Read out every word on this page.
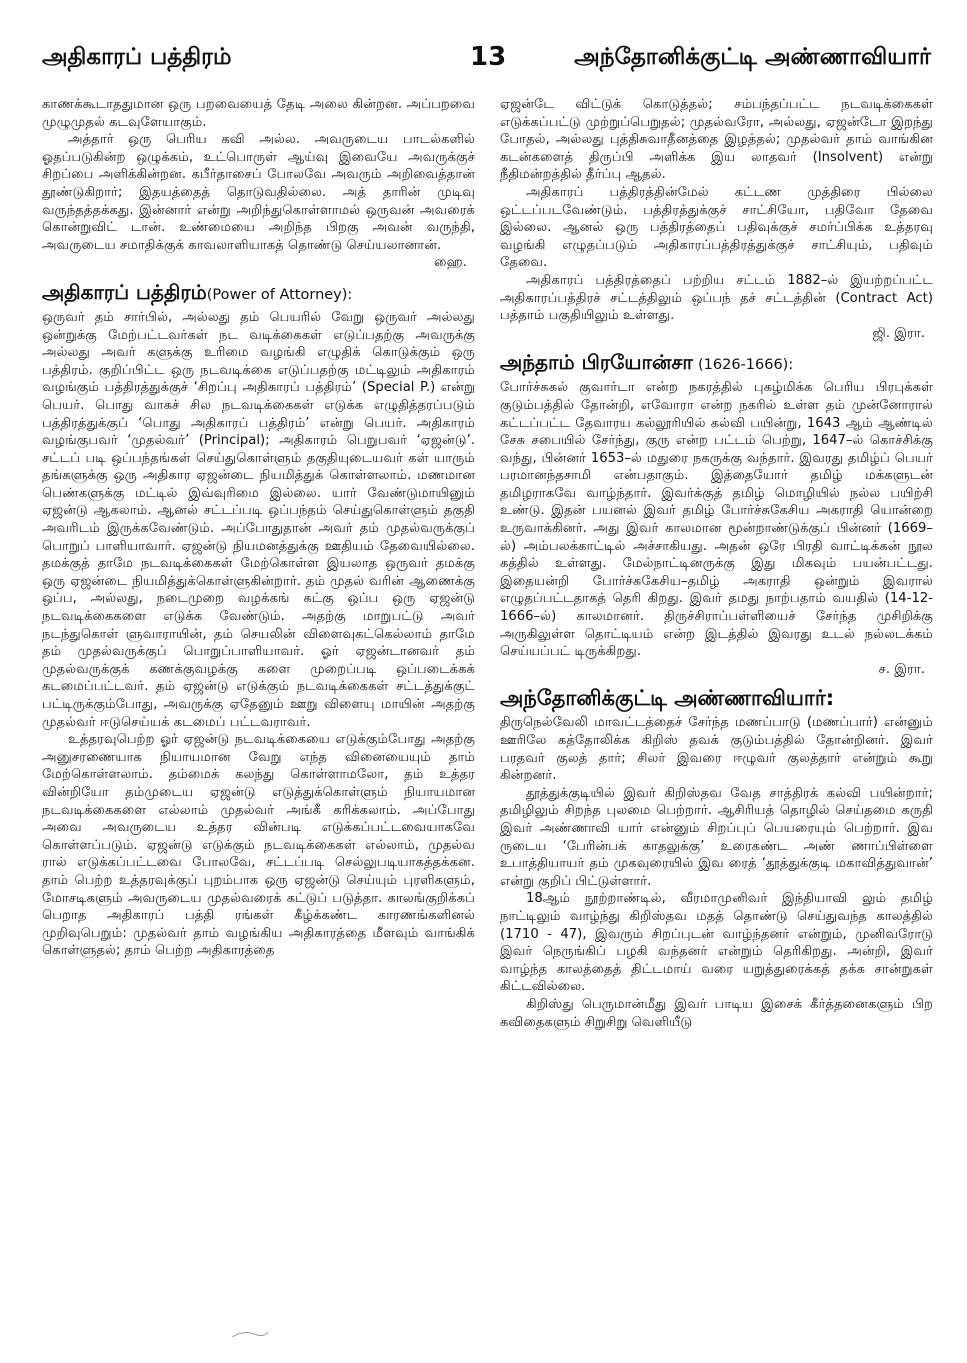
அதிகாரப் பத்திரம்	13	அந்தோனிக்குட்டி அண்ணாவியார்

காணக்கூடாததுமான ஒரு பறவையைத் தேடி அலை கின்றன. அப்பறவை முழுமுதல் கடவுளேயாகும்.

அத்தார் ஒரு பெரிய கவி அல்ல. அவருடைய பாடல்களில் ஓதப்படுகின்ற ஒழுக்கம், உட்பொருள் ஆய்வு இவையே அவருக்குச் சிறப்பை அளிக்கின்றன. கபீர்தாசைப் போலவே அவரும் அறிவைத்தான் தூண்டுகிறார்; இதயத்தைத் தொடுவதில்லை. அத் தாரின் முடிவு வருந்தத்தக்கது. இன்னார் என்று அறிந்துகொள்ளாமல் ஒருவன் அவரைக் கொன்றுவிட் டான். உண்மையை அறிந்த பிறகு அவன் வருந்தி, அவருடைய சமாதிக்குக் காவலாளியாகத் தொண்டு செய்யலானான்.

ஹை.
அதிகாரப் பத்திரம்(Power of Attorney):

ஒருவர் தம் சார்பில், அல்லது தம் பெயரில் வேறு ஒருவர் அல்லது ஒன்றுக்கு மேற்பட்டவர்கள் நட வடிக்கைகள் எடுப்பதற்கு அவருக்கு அல்லது அவர் களுக்கு உரிமை வழங்கி எழுதிக் கொடுக்கும் ஒரு பத்திரம். குறிப்பிட்ட ஒரு நடவடிக்கை எடுப்பதற்கு மட்டிலும் அதிகாரம் வழங்கும் பத்திரத்துக்குச் ‘சிறப்பு அதிகாரப் பத்திரம்’ (Special P.) என்று பெயர். பொது வாகச் சில நடவடிக்கைகள் எடுக்க எழுதித்தரப்படும் பத்திரத்துக்குப் ‘பொது அதிகாரப் பத்திரம்’ என்று பெயர். அதிகாரம் வழங்குபவர் ‘முதல்வர்’ (Principal); அதிகாரம் பெறுபவர் ‘ஏஜன்டு’. சட்டப் படி ஒப்பந்தங்கள் செய்துகொள்ளும் தகுதியுடையவர் கள் யாரும் தங்களுக்கு ஒரு அதிகார ஏஜன்டை நியமித்துக் கொள்ளலாம். மணமான பெண்களுக்கு மட்டில் இவ்வுரிமை இல்லை. யார் வேண்டுமாயினும் ஏஜன்டு ஆகலாம். ஆனல் சட்டப்படி ஒப்பந்தம் செய்துகொள்ளும் தகுதி அவரிடம் இருக்கவேண்டும். அப்போதுதான் அவர் தம் முதல்வருக்குப் பொறுப் பாளியாவார். ஏஜன்டு நியமனத்துக்கு ஊதியம் தேவையில்லை. தமக்குத் தாமே நடவடிக்கைகள் மேற்கொள்ள இயலாத ஒருவர் தமக்கு ஒரு ஏஜன்டை நியமித்துக்கொள்ளுகின்றார். தம் முதல் வரின் ஆணைக்கு ஒப்ப, அல்லது, நடைமுறை வழக்கங் கட்கு ஒப்ப ஒரு ஏஜன்டு நடவடிக்கைகளை எடுக்க வேண்டும். அதற்கு மாறுபட்டு அவர் நடந்துகொள் ளுவாராயின், தம் செயலின் விளைவுகட்கெல்லாம் தாமே தம் முதல்வருக்குப் பொறுப்பாளியாவர். ஓர் ஏஜன்டானவர் தம் முதல்வருக்குக் கணக்குவழக்கு களை முறைப்படி ஒப்படைக்கக் கடமைப்பட்டவர். தம் ஏஜன்டு எடுக்கும் நடவடிக்கைகள் சட்டத்துக்குட் பட்டிருக்கும்போது, அவருக்கு ஏதேனும் ஊறு விளையு மாயின் அதற்கு முதல்வர் ஈடுசெய்யக் கடமைப் பட்டவராவர்.

உத்தரவுபெற்ற ஓர் ஏஜன்டு நடவடிக்கையை எடுக்கும்போது அதற்கு அனுசரணையாக நியாயமான வேறு எந்த வினையையும் தாம் மேற்கொள்ளலாம். தம்மைக் கலந்து கொள்ளாமலோ, தம் உத்தர வின்றியோ தம்முடைய ஏஜன்டு எடுத்துக்கொள்ளும் நியாயமான நடவடிக்கைகளை எல்லாம் முதல்வர் அங்கீ கரிக்கலாம். அப்போது அவை அவருடைய உத்தர வின்படி எடுக்கப்பட்டவையாகவே கொள்ளப்படும். ஏஜன்டு எடுக்கும் நடவடிக்கைகள் எல்லாம், முதல்வ ரால் எடுக்கப்பட்டவை போலவே, சட்டப்படி செல்லுபடியாகத்தக்கன. தாம் பெற்ற உத்தரவுக்குப் புறம்பாக ஒரு ஏஜன்டு செய்யும் புரளிகளும், மோசடிகளும் அவருடைய முதல்வரைக் கட்டுப் படுத்தா. காலங்குறிக்கப் பெறாத அதிகாரப் பத்தி ரங்கள் கீழ்க்கண்ட காரணங்களினல் முறிவுபெறும்: முதல்வர் தாம் வழங்கிய அதிகாரத்தை மீளவும் வாங்கிக் கொள்ளுதல்; தாம் பெற்ற அதிகாரத்தை

ஏஜன்டே விட்டுக் கொடுத்தல்; சம்பந்தப்பட்ட நடவடிக்கைகள் எடுக்கப்பட்டு முற்றுப்பெறுதல்; முதல்வரோ, அல்லது, ஏஜன்டோ இறந்து போதல், அல்லது புத்திசுவாதீனத்தை இழத்தல்; முதல்வர் தாம் வாங்கின கடன்களைத் திருப்பி அளிக்க இய லாதவர் (Insolvent) என்று நீதிமன்றத்தில் தீர்ப்பு ஆதல்.

அதிகாரப் பத்திரத்தின்மேல் கட்டண முத்திரை பில்லை ஒட்டப்படவேண்டும். பத்திரத்துக்குச் சாட்சியோ, பதிவோ தேவை இல்லை. ஆனல் ஒரு பத்திரத்தைப் பதிவுக்குச் சமர்ப்பிக்க உத்தரவு வழங்கி எழுதப்படும் அதிகாரப்பத்திரத்துக்குச் சாட்சியும், பதிவும் தேவை.

அதிகாரப் பத்திரத்தைப் பற்றிய சட்டம் 1882–ல் இயற்றப்பட்ட அதிகாரப்பத்திரச் சட்டத்திலும் ஒப்பந் தச் சட்டத்தின் (Contract Act) பத்தாம் பகுதியிலும் உள்ளது.

ஜி. இரா.
அந்தாம் பிரயோன்சா (1626-1666):

போர்ச்சுகல் குவார்டா என்ற நகரத்தில் புகழ்மிக்க பெரிய பிரபுக்கள் குடும்பத்தில் தோன்றி, எவோரா என்ற நகரில் உள்ள தம் முன்னோரால் கட்டப்பட்ட தேவாரய கல்லூரியில் கல்வி பயின்று, 1643 ஆம் ஆண்டில் சேசு சபையில் சேர்ந்து, குரு என்ற பட்டம் பெற்று, 1647–ல் கொச்சிக்கு வந்து, பின்னர் 1653–ல் மதுரை நகருக்கு வந்தார். இவரது தமிழ்ப் பெயர் பரமானந்தசாமி என்பதாகும். இத்தையோர் தமிழ் மக்களுடன் தமிழராகவே வாழ்ந்தார். இவர்க்குத் தமிழ் மொழியில் நல்ல பயிற்சி உண்டு. இதன் பயனல் இவர் தமிழ் போர்ச்சுகேசிய அகராதி யொன்றை உருவாக்கினர். அது இவர் காலமான மூன்றாண்டுக்குப் பின்னர் (1669–ல்) அம்பலக்காட்டில் அச்சாகியது. அதன் ஒரே பிரதி வாட்டிக்கன் நூல கத்தில் உள்ளது. மேல்நாட்டினருக்கு இது மிகவும் பயன்பட்டது. இதையன்றி போர்ச்சுகேசிய–தமிழ் அகராதி ஒன்றும் இவரால் எழுதப்பட்டதாகத் தெரி கிறது. இவர் தமது நாற்பதாம் வயதில் (14-12-1666–ல்) காலமானர். திருச்சிராப்பள்ளியைச் சேர்ந்த முசிறிக்கு அருகிலுள்ள தொட்டியம் என்ற இடத்தில் இவரது உடல் நல்லடக்கம் செய்யப்பட் டிருக்கிறது.

ச. இரா.
அந்தோனிக்குட்டி அண்ணாவியார்:

திருநெல்வேலி மாவட்டத்தைச் சேர்ந்த மணப்பாடு (மணப்பார்) என்னும் ஊரிலே கத்தோலிக்க கிறிஸ் தவக் குடும்பத்தில் தோன்றினர். இவர் பரதவர் குலத் தார்; சிலர் இவரை ஈழுவர் குலத்தார் என்றும் கூறு கின்றனர்.

தூத்துக்குடியில் இவர் கிறிஸ்தவ வேத சாத்திரக் கல்வி பயின்றார்; தமிழிலும் சிறந்த புலமை பெற்றார். ஆசிரியத் தொழில் செய்தமை கருதி இவர் அண்ணாவி யார் என்னும் சிறப்புப் பெயரையும் பெற்றார். இவ ருடைய ‘பேரின்பக் காதலுக்கு’ உரைகண்ட அண் ணாப்பிள்ளை உபாத்தியாயர் தம் முகவுரையில் இவ ரைத் ‘தூத்துக்குடி மகாவித்துவான்’ என்று குறிப் பிட்டுள்ளார்.

18ஆம் நூற்றாண்டில், வீரமாமுனிவர் இந்தியாவி லும் தமிழ் நாட்டிலும் வாழ்ந்து கிறிஸ்தவ மதத் தொண்டு செய்துவந்த காலத்தில் (1710 - 47), இவரும் சிறப்புடன் வாழ்ந்தனர் என்றும், முனிவரோடு இவர் நெருங்கிப் பழகி வந்தனர் என்றும் தெரிகிறது. அன்றி, இவர் வாழ்ந்த காலத்தைத் திட்டமாய் வரை யறுத்துரைக்கத் தக்க சான்றுகள் கிட்டவில்லை.

கிறிஸ்து பெருமான்மீது இவர் பாடிய இசைக் கீர்த்தனைகளும் பிற கவிதைகளும் சிறுசிறு வெளியீடு
